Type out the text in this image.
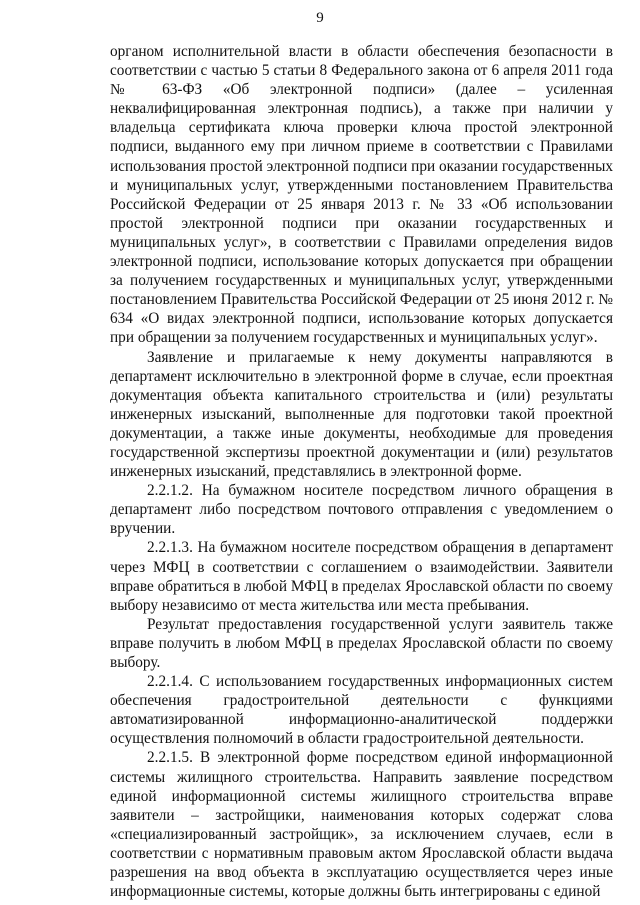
9

органом исполнительной власти в области обеспечения безопасности в соответствии с частью 5 статьи 8 Федерального закона от 6 апреля 2011 года № 63-ФЗ «Об электронной подписи» (далее – усиленная неквалифицированная электронная подпись), а также при наличии у владельца сертификата ключа проверки ключа простой электронной подписи, выданного ему при личном приеме в соответствии с Правилами использования простой электронной подписи при оказании государственных и муниципальных услуг, утвержденными постановлением Правительства Российской Федерации от 25 января 2013 г. № 33 «Об использовании простой электронной подписи при оказании государственных и муниципальных услуг», в соответствии с Правилами определения видов электронной подписи, использование которых допускается при обращении за получением государственных и муниципальных услуг, утвержденными постановлением Правительства Российской Федерации от 25 июня 2012 г. № 634 «О видах электронной подписи, использование которых допускается при обращении за получением государственных и муниципальных услуг».

Заявление и прилагаемые к нему документы направляются в департамент исключительно в электронной форме в случае, если проектная документация объекта капитального строительства и (или) результаты инженерных изысканий, выполненные для подготовки такой проектной документации, а также иные документы, необходимые для проведения государственной экспертизы проектной документации и (или) результатов инженерных изысканий, представлялись в электронной форме.

2.2.1.2. На бумажном носителе посредством личного обращения в департамент либо посредством почтового отправления с уведомлением о вручении.

2.2.1.3. На бумажном носителе посредством обращения в департамент через МФЦ в соответствии с соглашением о взаимодействии. Заявители вправе обратиться в любой МФЦ в пределах Ярославской области по своему выбору независимо от места жительства или места пребывания.

Результат предоставления государственной услуги заявитель также вправе получить в любом МФЦ в пределах Ярославской области по своему выбору.

2.2.1.4. С использованием государственных информационных систем обеспечения градостроительной деятельности с функциями автоматизированной информационно-аналитической поддержки осуществления полномочий в области градостроительной деятельности.

2.2.1.5. В электронной форме посредством единой информационной системы жилищного строительства. Направить заявление посредством единой информационной системы жилищного строительства вправе заявители – застройщики, наименования которых содержат слова «специализированный застройщик», за исключением случаев, если в соответствии с нормативным правовым актом Ярославской области выдача разрешения на ввод объекта в эксплуатацию осуществляется через иные информационные системы, которые должны быть интегрированы с единой
